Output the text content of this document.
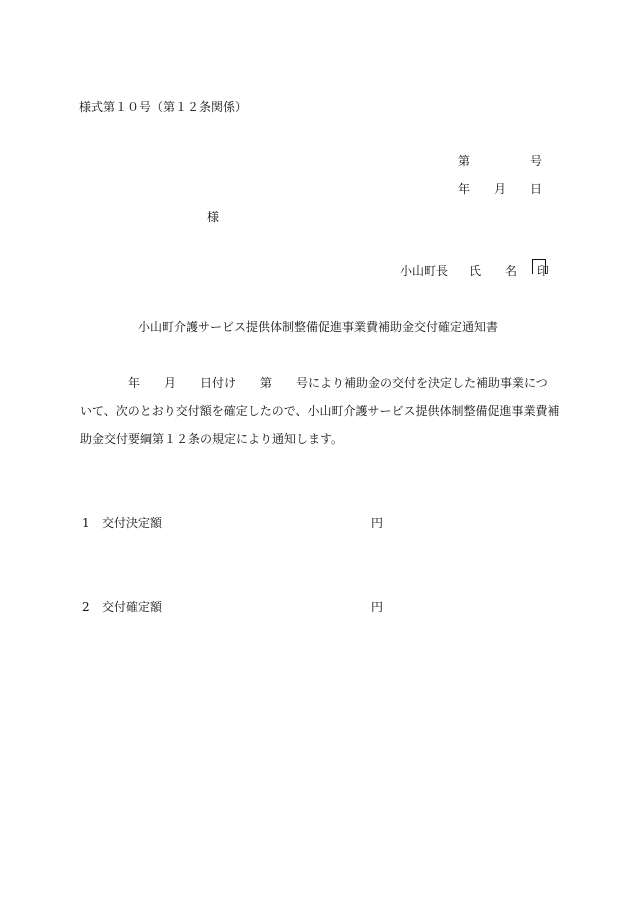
様式第１０号（第１２条関係）
第	号
年 月 日
様
小山町長 氏 名 印
小山町介護サービス提供体制整備促進事業費補助金交付確定通知書
　　　　年　　月　　日付け　　第　　号により補助金の交付を決定した補助事業につ
いて、次のとおり交付額を確定したので、小山町介護サービス提供体制整備促進事業費補
助金交付要綱第１２条の規定により通知します。
1 交付決定額	円
2 交付確定額	円
